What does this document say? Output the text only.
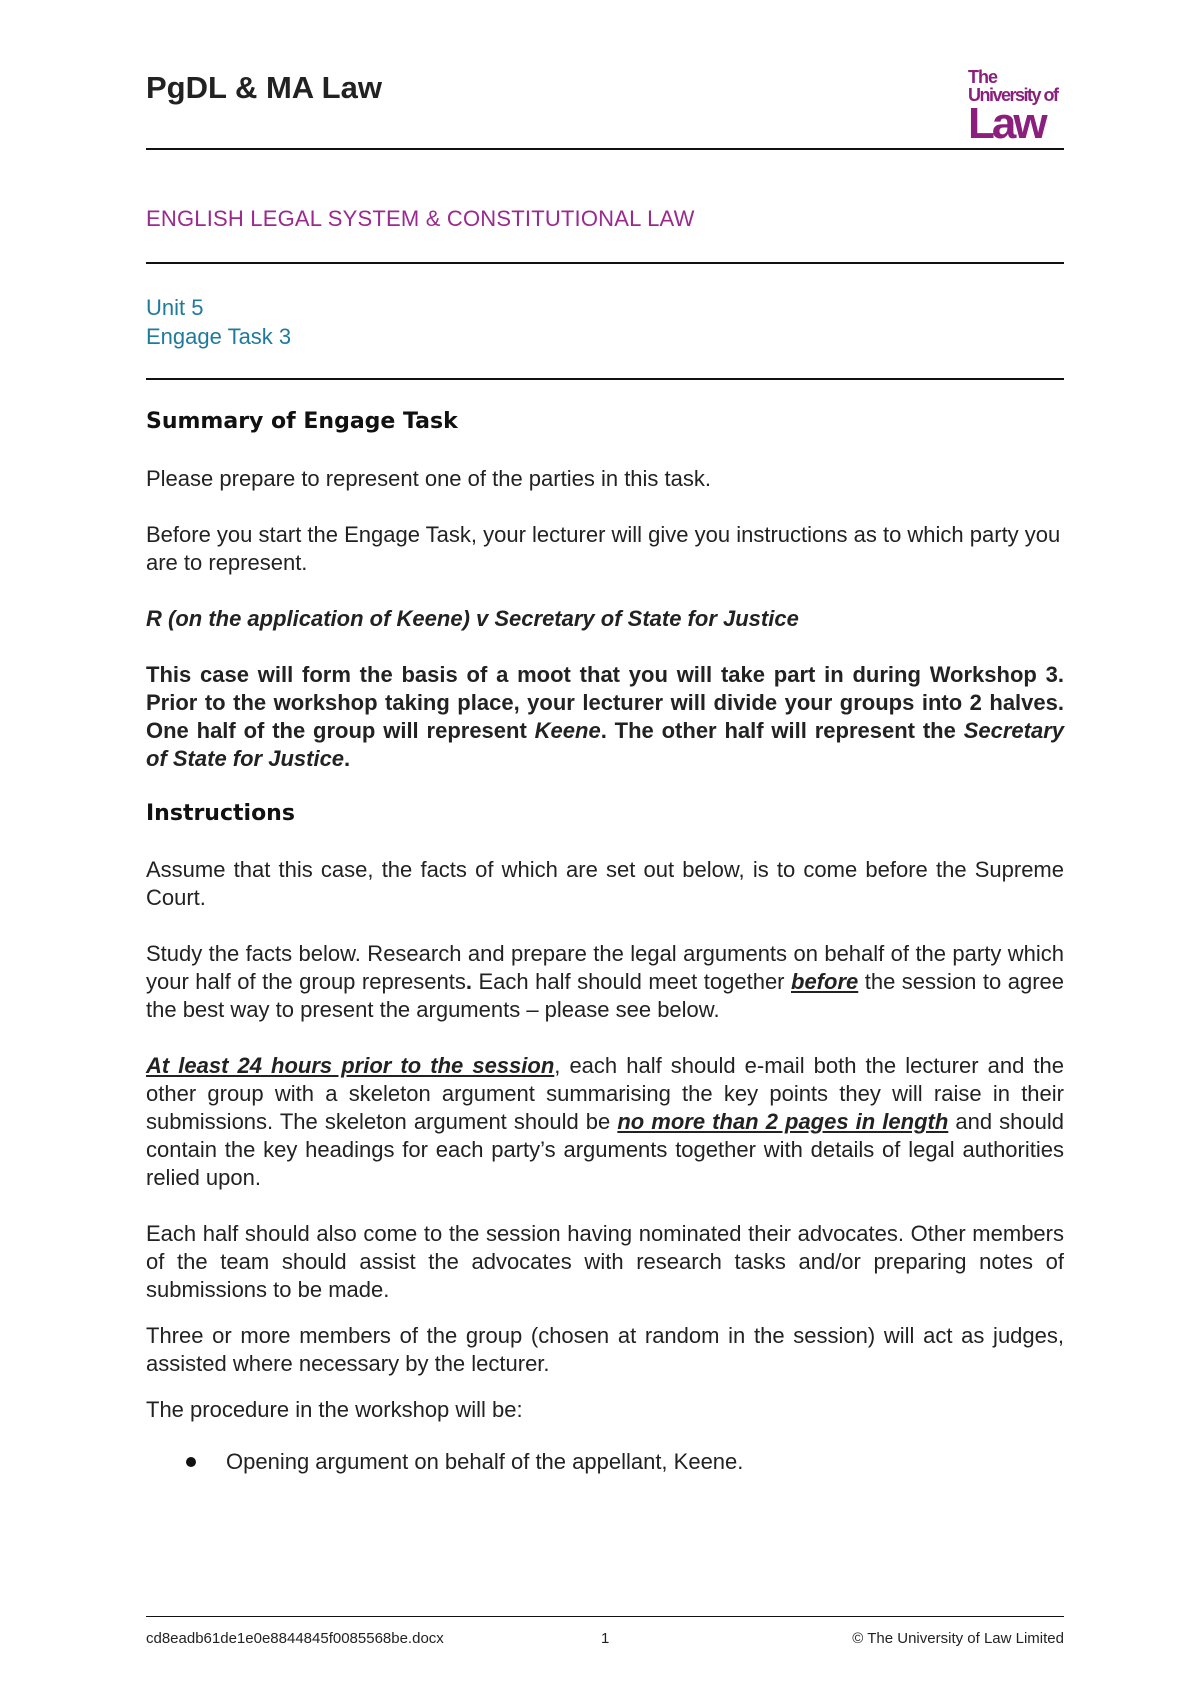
PgDL & MA Law	The
University of
Law
ENGLISH LEGAL SYSTEM & CONSTITUTIONAL LAW
Unit 5
Engage Task 3

Summary of Engage Task

Please prepare to represent one of the parties in this task.

Before you start the Engage Task, your lecturer will give you instructions as to which party you are to represent.

R (on the application of Keene) v Secretary of State for Justice

This case will form the basis of a moot that you will take part in during Workshop 3. Prior to the workshop taking place, your lecturer will divide your groups into 2 halves. One half of the group will represent Keene. The other half will represent the Secretary of State for Justice.

Instructions

Assume that this case, the facts of which are set out below, is to come before the Supreme Court.

Study the facts below. Research and prepare the legal arguments on behalf of the party which your half of the group represents. Each half should meet together before the session to agree the best way to present the arguments – please see below.

At least 24 hours prior to the session, each half should e-mail both the lecturer and the other group with a skeleton argument summarising the key points they will raise in their submissions. The skeleton argument should be no more than 2 pages in length and should contain the key headings for each party’s arguments together with details of legal authorities relied upon.

Each half should also come to the session having nominated their advocates. Other members of the team should assist the advocates with research tasks and/or preparing notes of submissions to be made.

Three or more members of the group (chosen at random in the session) will act as judges, assisted where necessary by the lecturer.

The procedure in the workshop will be:

Opening argument on behalf of the appellant, Keene.
cd8eadb61de1e0e8844845f0085568be.docx	1	© The University of Law Limited
